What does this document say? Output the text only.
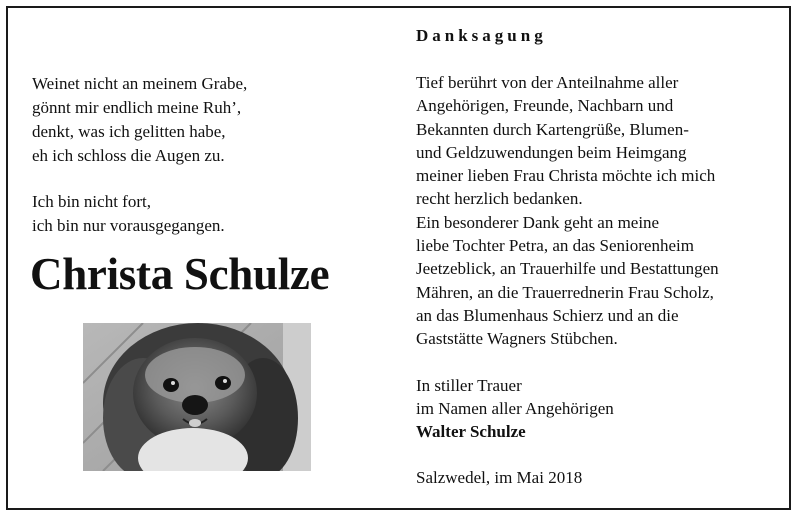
Weinet nicht an meinem Grabe,

gönnt mir endlich meine Ruh’,

denkt, was ich gelitten habe,

eh ich schloss die Augen zu.

Ich bin nicht fort,

ich bin nur vorausgegangen.

Christa Schulze
Danksagung
Tief berührt von der Anteilnahme aller
Angehörigen, Freunde, Nachbarn und
Bekannten durch Kartengrüße, Blumen-
und Geldzuwendungen beim Heimgang
meiner lieben Frau Christa möchte ich mich
recht herzlich bedanken.
Ein besonderer Dank geht an meine
liebe Tochter Petra, an das Seniorenheim
Jeetzeblick, an Trauerhilfe und Bestattungen
Mähren, an die Trauerrednerin Frau Scholz,
an das Blumenhaus Schierz und an die
Gaststätte Wagners Stübchen.
In stiller Trauer
im Namen aller Angehörigen
Walter Schulze
Salzwedel, im Mai 2018
